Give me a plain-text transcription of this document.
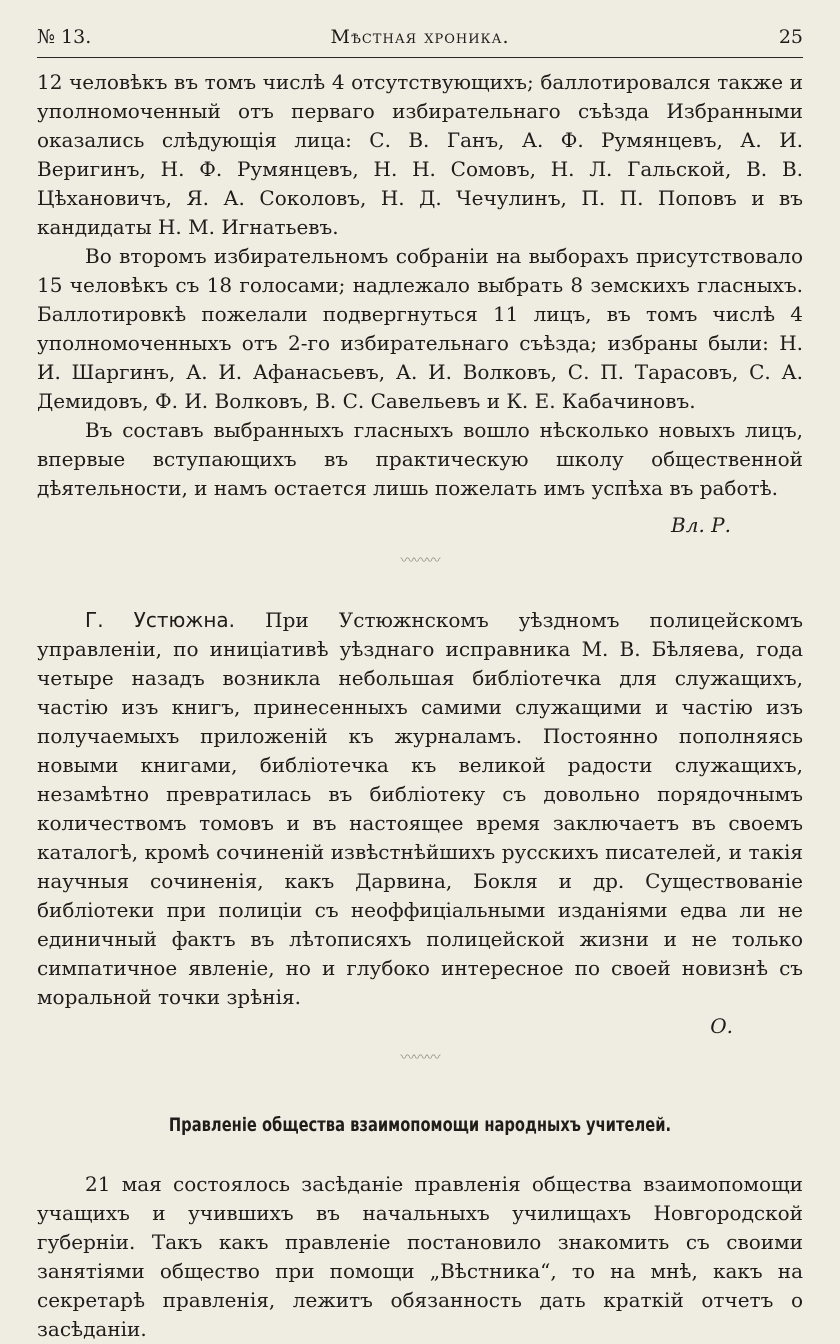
№ 13.	Мѣстная хроника.	25

12 человѣкъ въ томъ числѣ 4 отсутствующихъ; баллотировался также и уполномоченный отъ перваго избирательнаго съѣзда Избранными оказались слѣдующія лица: С. В. Ганъ, А. Ф. Румянцевъ, А. И. Веригинъ, Н. Ф. Румянцевъ, Н. Н. Сомовъ, Н. Л. Гальской, В. В. Цѣхановичъ, Я. А. Соколовъ, Н. Д. Чечулинъ, П. П. Поповъ и въ кандидаты Н. М. Игнатьевъ.

Во второмъ избирательномъ собраніи на выборахъ присутствовало 15 человѣкъ съ 18 голосами; надлежало выбрать 8 земскихъ гласныхъ. Баллотировкѣ пожелали подвергнуться 11 лицъ, въ томъ числѣ 4 уполномоченныхъ отъ 2-го избирательнаго съѣзда; избраны были: Н. И. Шаргинъ, А. И. Афанасьевъ, А. И. Волковъ, С. П. Тарасовъ, С. А. Демидовъ, Ф. И. Волковъ, В. С. Савельевъ и К. Е. Кабачиновъ.

Въ составъ выбранныхъ гласныхъ вошло нѣсколько новыхъ лицъ, впервые вступающихъ въ практическую школу общественной дѣятельности, и намъ остается лишь пожелать имъ успѣха въ работѣ.

Вл. Р.
〰〰〰

Г. Устюжна. При Устюжнскомъ уѣздномъ полицейскомъ управленіи, по иниціативѣ уѣзднаго исправника М. В. Бѣляева, года четыре назадъ возникла небольшая библіотечка для служащихъ, частію изъ книгъ, принесенныхъ самими служащими и частію изъ получаемыхъ приложеній къ журналамъ. Постоянно пополняясь новыми книгами, библіотечка къ великой радости служащихъ, незамѣтно превратилась въ библіотеку съ довольно порядочнымъ количествомъ томовъ и въ настоящее время заключаетъ въ своемъ каталогѣ, кромѣ сочиненій извѣстнѣйшихъ русскихъ писателей, и такія научныя сочиненія, какъ Дарвина, Бокля и др. Существованіе библіотеки при полиціи съ неоффиціальными изданіями едва ли не единичный фактъ въ лѣтописяхъ полицейской жизни и не только симпатичное явленіе, но и глубоко интересное по своей новизнѣ съ моральной точки зрѣнія.

О.
〰〰〰
Правленіе общества взаимопомощи народныхъ учителей.

21 мая состоялось засѣданіе правленія общества взаимопомощи учащихъ и учившихъ въ начальныхъ училищахъ Новгородской губерніи. Такъ какъ правленіе постановило знакомить съ своими занятіями общество при помощи „Вѣстника“, то на мнѣ, какъ на секретарѣ правленія, лежитъ обязанность дать краткій отчетъ о засѣданіи.
